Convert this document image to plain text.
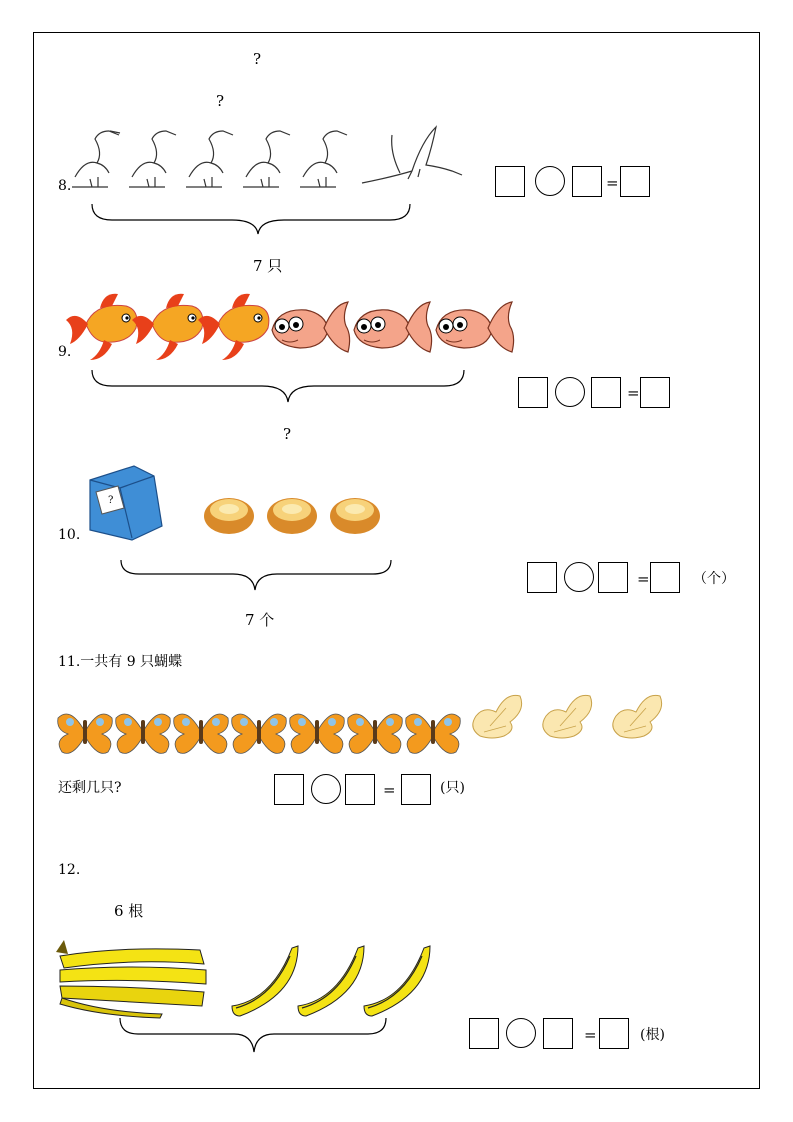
?
?
8.	=
7 只
9.
=
?
10.
?
7 个
=	（个）
11.一共有 9 只蝴蝶
还剩几只?	=	(只)
12.
6 根
=	(根)
